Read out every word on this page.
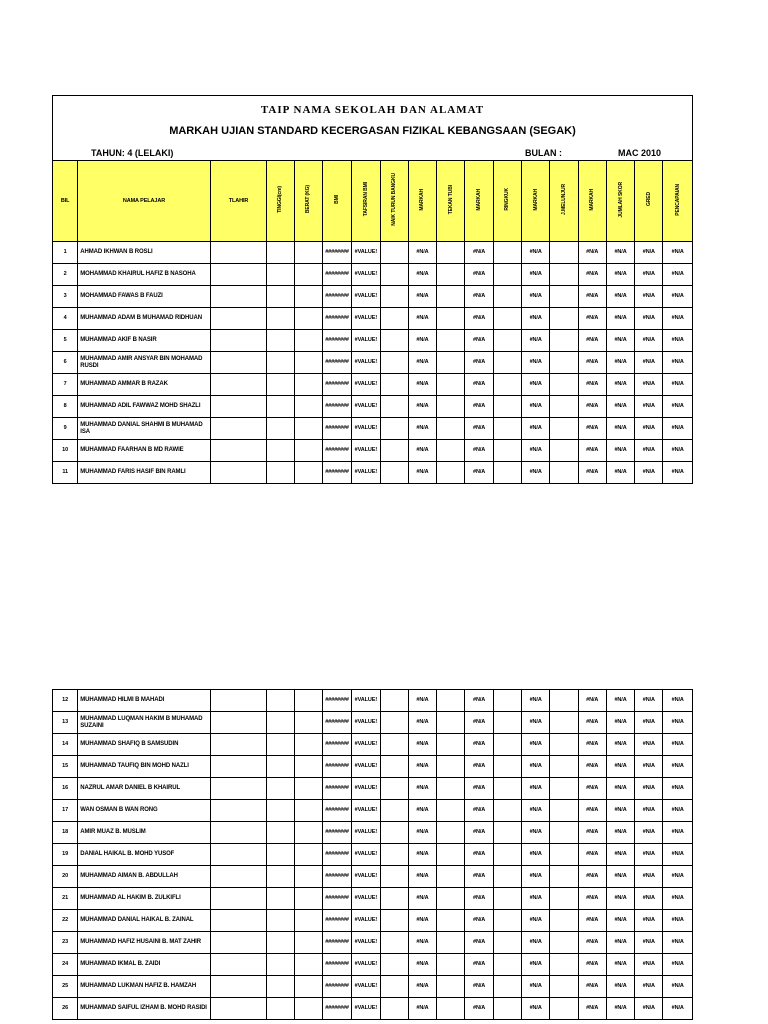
TAIP NAMA SEKOLAH DAN ALAMAT
MARKAH UJIAN STANDARD KECERGASAN FIZIKAL KEBANGSAAN (SEGAK)
TAHUN: 4 (LELAKI)	BULAN :	MAC 2010
BIL	NAMA PELAJAR	TLAHIR	TINGGI(cm)	BERAT (KG)	BMI	TAFSIRAN BMI	NAIK TURUN BANGKU	MARKAH	TEKAN TUBI	MARKAH	RINGKUK	MARKAH	J.MELUNJUR	MARKAH	JUMLAH SKOR	GRED	PENCAPAIAN
1	AHMAD IKHWAN B ROSLI				########	#VALUE!		#N/A		#N/A		#N/A		#N/A	#N/A	#N/A	#N/A
2	MOHAMMAD KHAIRUL HAFIZ B NASOHA				########	#VALUE!		#N/A		#N/A		#N/A		#N/A	#N/A	#N/A	#N/A
3	MOHAMMAD FAWAS B FAUZI				########	#VALUE!		#N/A		#N/A		#N/A		#N/A	#N/A	#N/A	#N/A
4	MUHAMMAD ADAM B MUHAMAD RIDHUAN				########	#VALUE!		#N/A		#N/A		#N/A		#N/A	#N/A	#N/A	#N/A
5	MUHAMMAD AKIF B NASIR				########	#VALUE!		#N/A		#N/A		#N/A		#N/A	#N/A	#N/A	#N/A
6	MUHAMMAD AMIR ANSYAR BIN MOHAMAD RUSDI				########	#VALUE!		#N/A		#N/A		#N/A		#N/A	#N/A	#N/A	#N/A
7	MUHAMMAD AMMAR B RAZAK				########	#VALUE!		#N/A		#N/A		#N/A		#N/A	#N/A	#N/A	#N/A
8	MUHAMMAD ADIL FAWWAZ MOHD SHAZLI				########	#VALUE!		#N/A		#N/A		#N/A		#N/A	#N/A	#N/A	#N/A
9	MUHAMMAD DANIAL SHAHMI B MUHAMAD ISA				########	#VALUE!		#N/A		#N/A		#N/A		#N/A	#N/A	#N/A	#N/A
10	MUHAMMAD FAARHAN B MD RAWIE				########	#VALUE!		#N/A		#N/A		#N/A		#N/A	#N/A	#N/A	#N/A
11	MUHAMMAD FARIS HASIF BIN RAMLI				########	#VALUE!		#N/A		#N/A		#N/A		#N/A	#N/A	#N/A	#N/A
12	MUHAMMAD HILMI B MAHADI				########	#VALUE!		#N/A		#N/A		#N/A		#N/A	#N/A	#N/A	#N/A
13	MUHAMMAD LUQMAN HAKIM B MUHAMAD SUZAINI				########	#VALUE!		#N/A		#N/A		#N/A		#N/A	#N/A	#N/A	#N/A
14	MUHAMMAD SHAFIQ B SAMSUDIN				########	#VALUE!		#N/A		#N/A		#N/A		#N/A	#N/A	#N/A	#N/A
15	MUHAMMAD TAUFIQ BIN MOHD NAZLI				########	#VALUE!		#N/A		#N/A		#N/A		#N/A	#N/A	#N/A	#N/A
16	NAZRUL AMAR DANIEL B KHAIRUL				########	#VALUE!		#N/A		#N/A		#N/A		#N/A	#N/A	#N/A	#N/A
17	WAN OSMAN B WAN RONG				########	#VALUE!		#N/A		#N/A		#N/A		#N/A	#N/A	#N/A	#N/A
18	AMIR MUAZ B. MUSLIM				########	#VALUE!		#N/A		#N/A		#N/A		#N/A	#N/A	#N/A	#N/A
19	DANIAL HAIKAL B. MOHD YUSOF				########	#VALUE!		#N/A		#N/A		#N/A		#N/A	#N/A	#N/A	#N/A
20	MUHAMMAD AIMAN B. ABDULLAH				########	#VALUE!		#N/A		#N/A		#N/A		#N/A	#N/A	#N/A	#N/A
21	MUHAMMAD AL HAKIM B. ZULKIFLI				########	#VALUE!		#N/A		#N/A		#N/A		#N/A	#N/A	#N/A	#N/A
22	MUHAMMAD DANIAL HAIKAL B. ZAINAL				########	#VALUE!		#N/A		#N/A		#N/A		#N/A	#N/A	#N/A	#N/A
23	MUHAMMAD HAFIZ HUSAINI B. MAT ZAHIR				########	#VALUE!		#N/A		#N/A		#N/A		#N/A	#N/A	#N/A	#N/A
24	MUHAMMAD IKMAL B. ZAIDI				########	#VALUE!		#N/A		#N/A		#N/A		#N/A	#N/A	#N/A	#N/A
25	MUHAMMAD LUKMAN HAFIZ B. HAMZAH				########	#VALUE!		#N/A		#N/A		#N/A		#N/A	#N/A	#N/A	#N/A
26	MUHAMMAD SAIFUL IZHAM B. MOHD RASIDI				########	#VALUE!		#N/A		#N/A		#N/A		#N/A	#N/A	#N/A	#N/A
